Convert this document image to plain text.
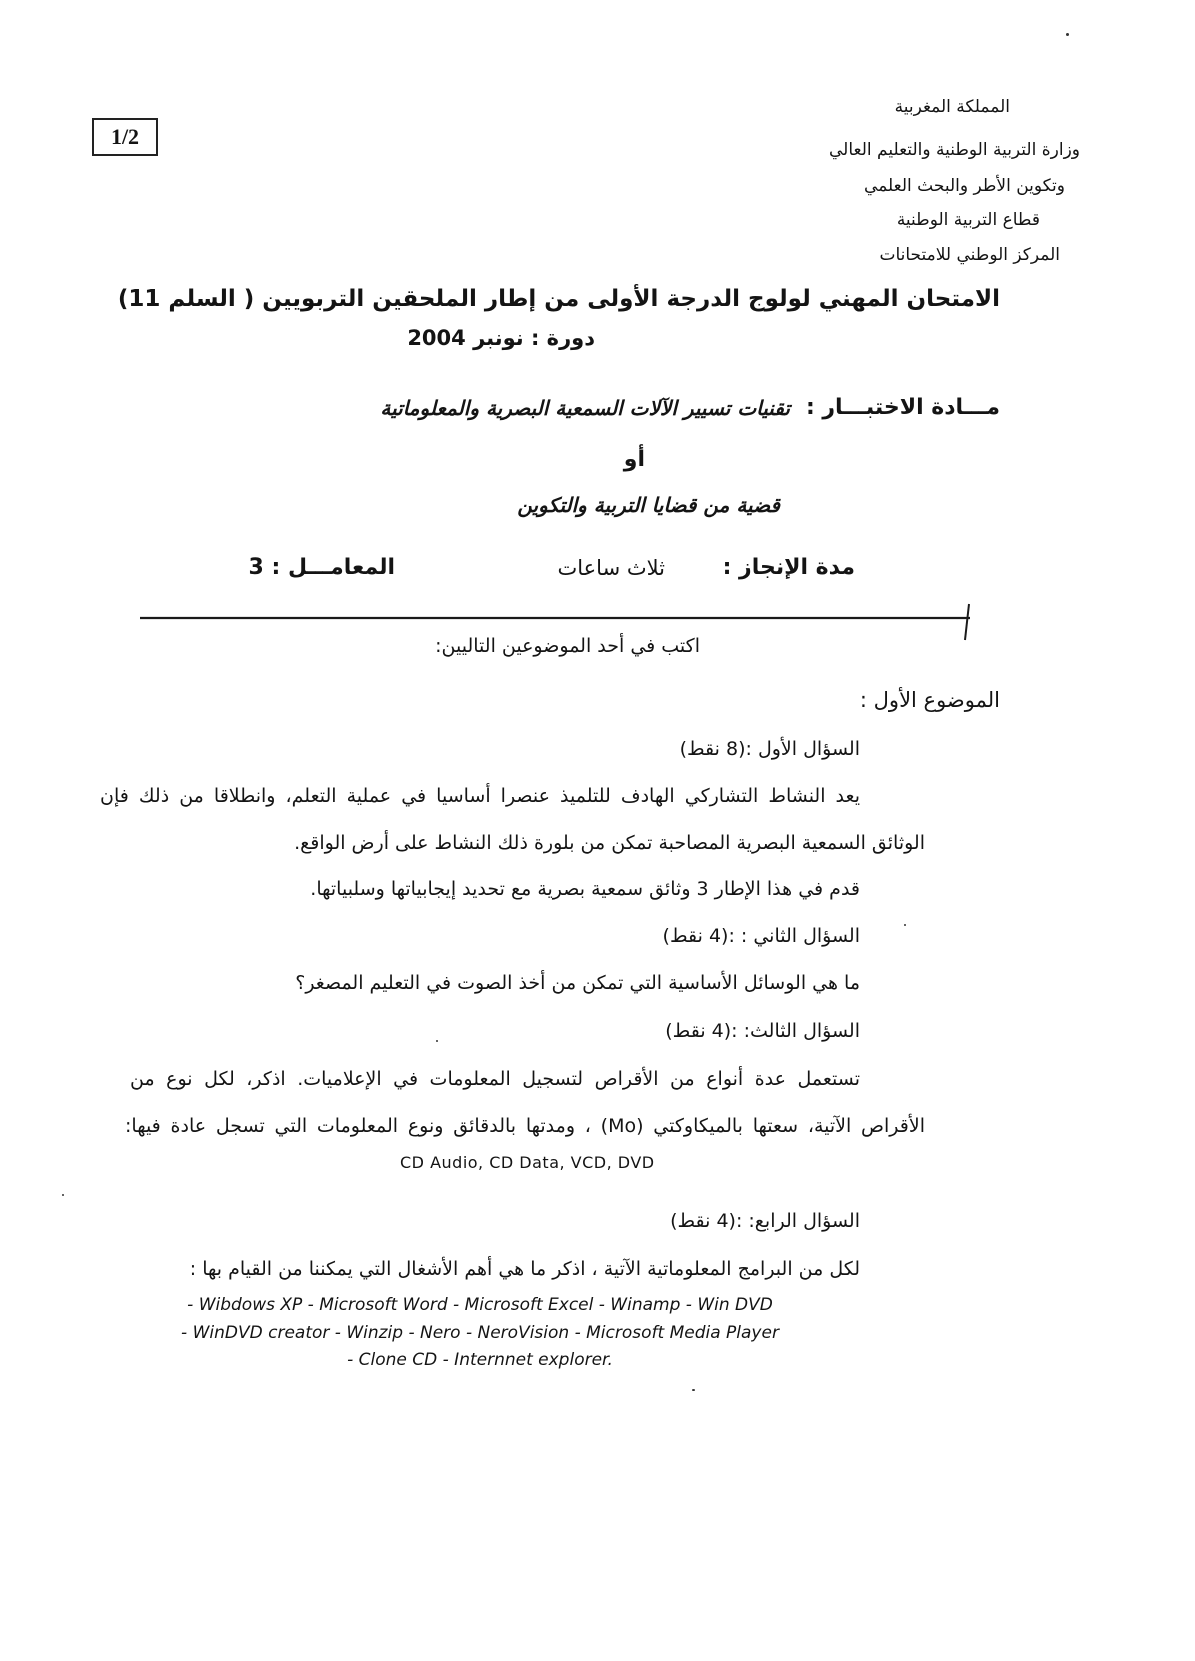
1/2
المملكة المغربية
وزارة التربية الوطنية والتعليم العالي
وتكوين الأطر والبحث العلمي
قطاع التربية الوطنية
المركز الوطني للامتحانات
الامتحان المهني لولوج الدرجة الأولى من إطار الملحقين التربويين ( السلم 11)
دورة : نونبر 2004
مـــادة الاختبـــار :
تقنيات تسيير الآلات السمعية البصرية والمعلوماتية
أو
قضية من قضايا التربية والتكوين
مدة الإنجاز :
ثلاث ساعات
المعامـــل : 3
اكتب في أحد الموضوعين التاليين:
الموضوع الأول :
السؤال الأول :(8 نقط)
يعد النشاط التشاركي الهادف للتلميذ عنصرا أساسيا في عملية التعلم، وانطلاقا من ذلك فإن
الوثائق السمعية البصرية المصاحبة تمكن من بلورة ذلك النشاط على أرض الواقع.
قدم في هذا الإطار 3 وثائق سمعية بصرية مع تحديد إيجابياتها وسلبياتها.
السؤال الثاني : :(4 نقط)
ما هي الوسائل الأساسية التي تمكن من أخذ الصوت في التعليم المصغر؟
السؤال الثالث: :(4 نقط)
تستعمل عدة أنواع من الأقراص لتسجيل المعلومات في الإعلاميات. اذكر، لكل نوع من
الأقراص الآتية، سعتها بالميكاوكتي (Mo) ، ومدتها بالدقائق ونوع المعلومات التي تسجل عادة فيها:
CD Audio, CD Data, VCD, DVD
السؤال الرابع: :(4 نقط)
لكل من البرامج المعلوماتية الآتية ، اذكر ما هي أهم الأشغال التي يمكننا من القيام بها :
- Wibdows XP - Microsoft Word - Microsoft Excel - Winamp - Win DVD
- WinDVD creator - Winzip - Nero - NeroVision - Microsoft Media Player
- Clone CD - Internnet explorer.
